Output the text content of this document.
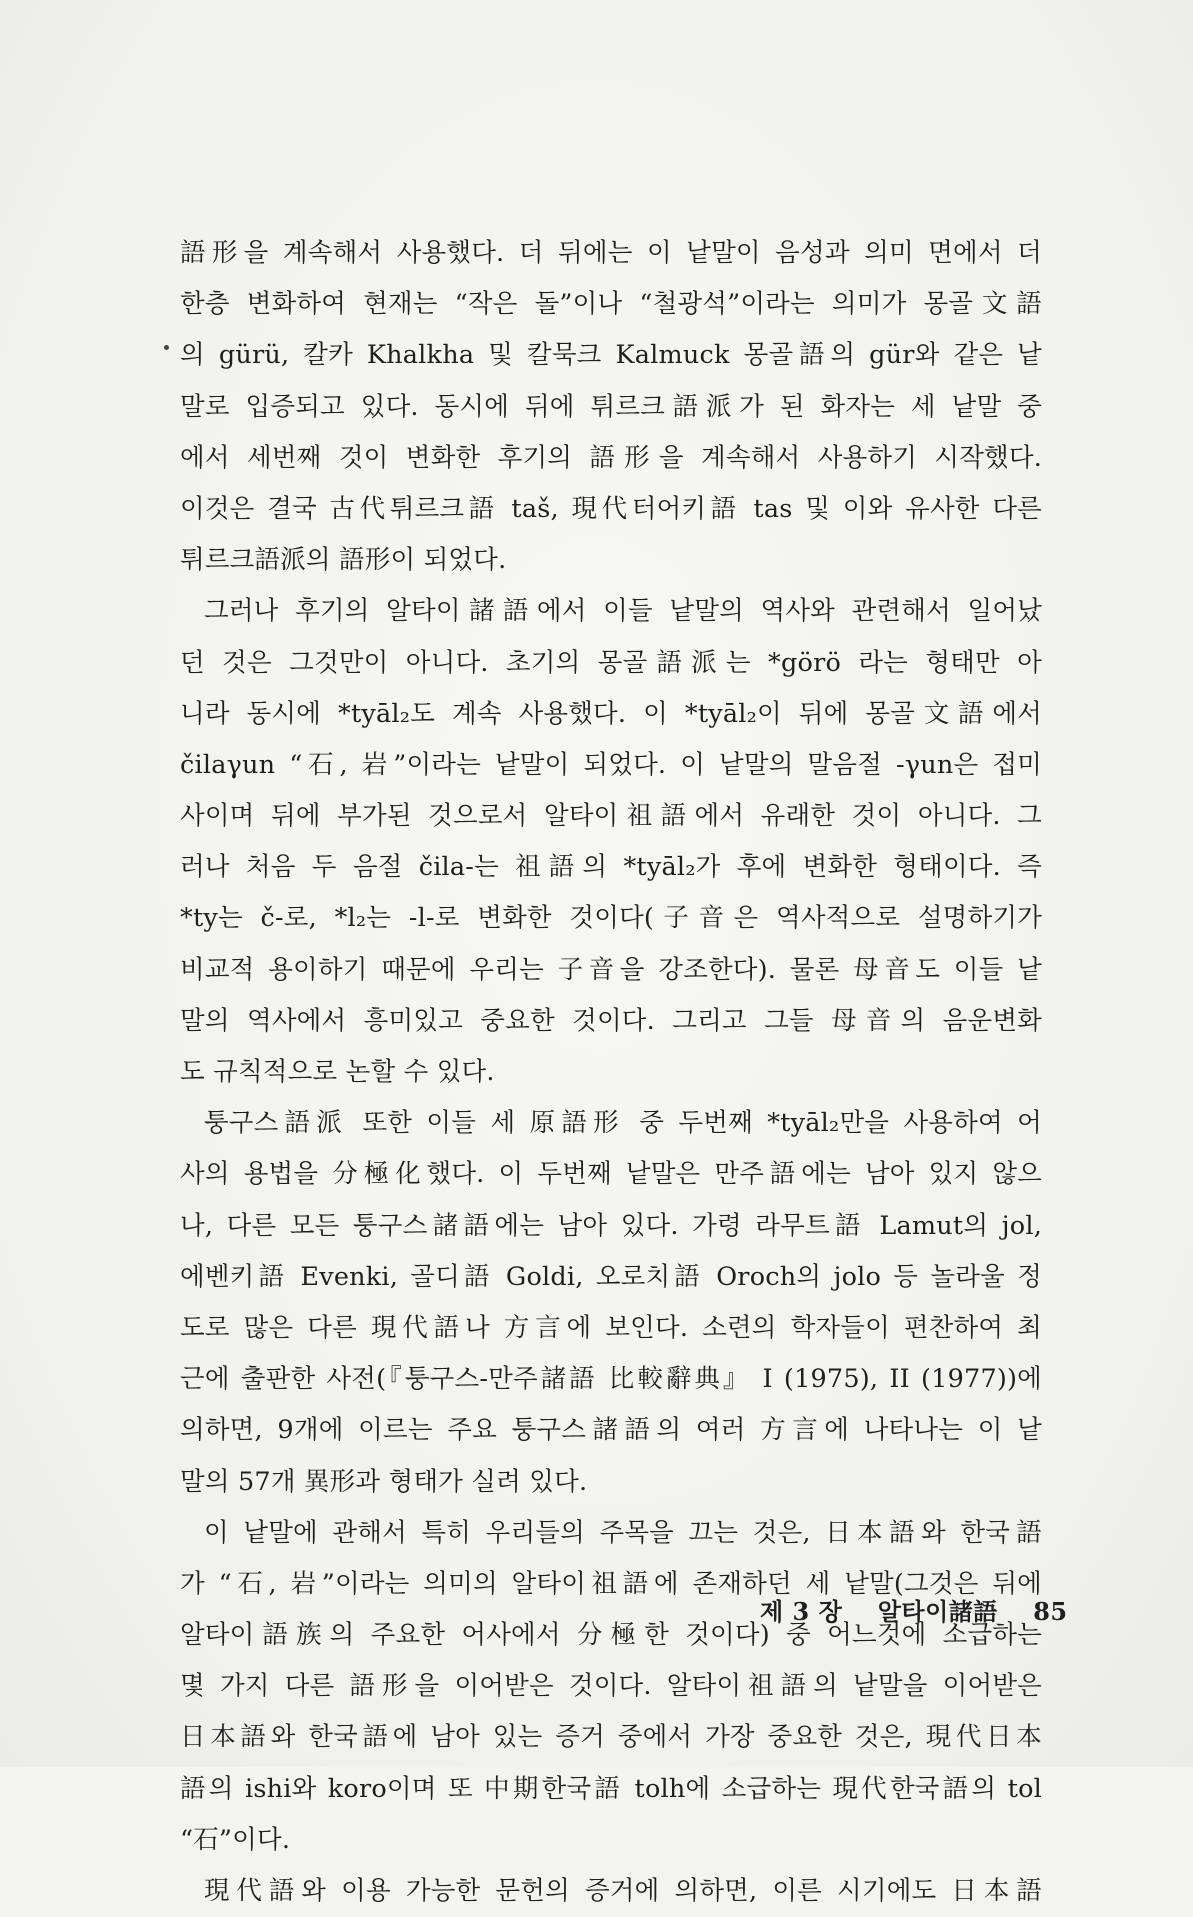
語形을 계속해서 사용했다. 더 뒤에는 이 낱말이 음성과 의미 면에서 더
한층 변화하여 현재는 “작은 돌”이나 “철광석”이라는 의미가 몽골文語
의 gürü, 칼카 Khalkha 및 칼묵크 Kalmuck 몽골語의 gür와 같은 낱
말로 입증되고 있다. 동시에 뒤에 튀르크語派가 된 화자는 세 낱말 중
에서 세번째 것이 변화한 후기의 語形을 계속해서 사용하기 시작했다.
이것은 결국 古代튀르크語 taš, 現代터어키語 tas 및 이와 유사한 다른
튀르크語派의 語形이 되었다.
그러나 후기의 알타이諸語에서 이들 낱말의 역사와 관련해서 일어났
던 것은 그것만이 아니다. 초기의 몽골語派는 *görö 라는 형태만 아
니라 동시에 *tyāl₂도 계속 사용했다. 이 *tyāl₂이 뒤에 몽골文語에서
čilaγun “石, 岩”이라는 낱말이 되었다. 이 낱말의 말음절 -γun은 접미
사이며 뒤에 부가된 것으로서 알타이祖語에서 유래한 것이 아니다. 그
러나 처음 두 음절 čila-는 祖語의 *tyāl₂가 후에 변화한 형태이다. 즉
*ty는 č-로, *l₂는 -l-로 변화한 것이다(子音은 역사적으로 설명하기가
비교적 용이하기 때문에 우리는 子音을 강조한다). 물론 母音도 이들 낱
말의 역사에서 흥미있고 중요한 것이다. 그리고 그들 母音의 음운변화
도 규칙적으로 논할 수 있다.
퉁구스語派 또한 이들 세 原語形 중 두번째 *tyāl₂만을 사용하여 어
사의 용법을 分極化했다. 이 두번째 낱말은 만주語에는 남아 있지 않으
나, 다른 모든 퉁구스諸語에는 남아 있다. 가령 라무트語 Lamut의 jol,
에벤키語 Evenki, 골디語 Goldi, 오로치語 Oroch의 jolo 등 놀라울 정
도로 많은 다른 現代語나 方言에 보인다. 소련의 학자들이 편찬하여 최
근에 출판한 사전(『퉁구스-만주諸語 比較辭典』 I (1975), II (1977))에
의하면, 9개에 이르는 주요 퉁구스諸語의 여러 方言에 나타나는 이 낱
말의 57개 異形과 형태가 실려 있다.
이 낱말에 관해서 특히 우리들의 주목을 끄는 것은, 日本語와 한국語
가 “石, 岩”이라는 의미의 알타이祖語에 존재하던 세 낱말(그것은 뒤에
알타이語族의 주요한 어사에서 分極한 것이다) 중 어느것에 소급하는
몇 가지 다른 語形을 이어받은 것이다. 알타이祖語의 낱말을 이어받은
日本語와 한국語에 남아 있는 증거 중에서 가장 중요한 것은, 現代日本
語의 ishi와 koro이며 또 中期한국語 tolh에 소급하는 現代한국語의 tol
“石”이다.
現代語와 이용 가능한 문헌의 증거에 의하면, 이른 시기에도 日本語
제 3 장 알타이諸語 85
